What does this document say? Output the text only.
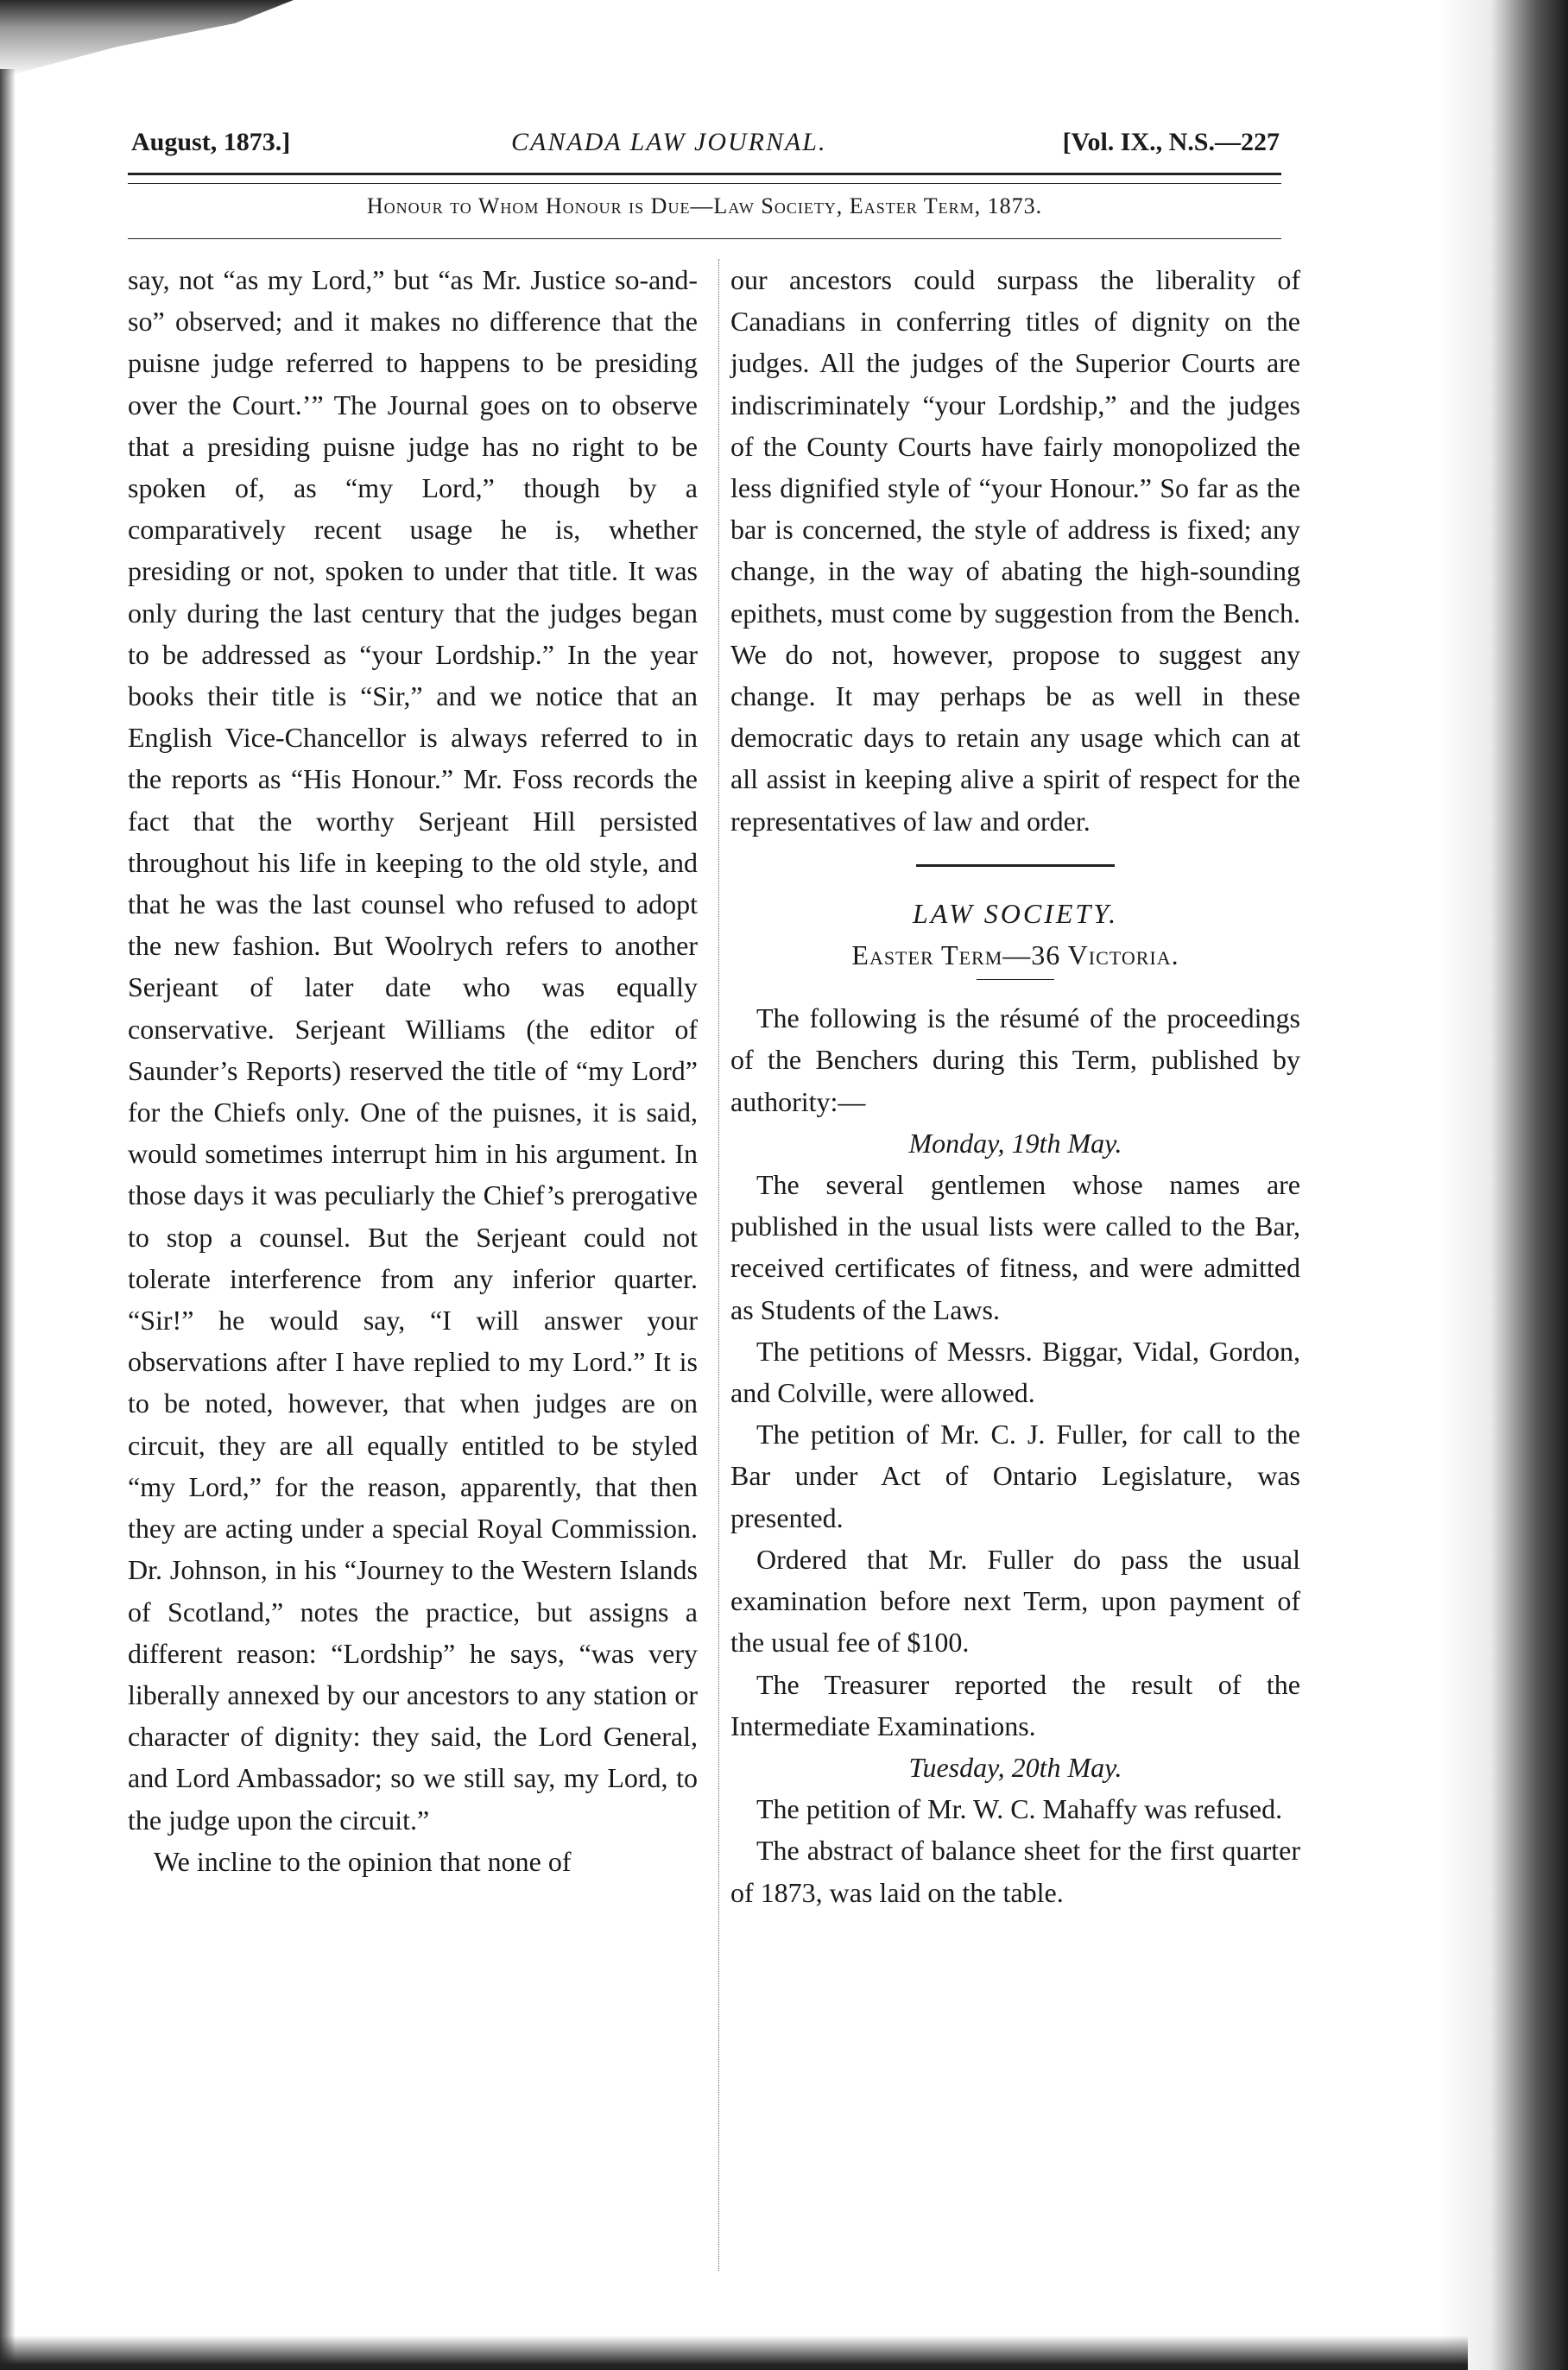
August, 1873.]	CANADA LAW JOURNAL.	[Vol. IX., N.S.—227
Honour to Whom Honour is Due—Law Society, Easter Term, 1873.

say, not “as my Lord,” but “as Mr. Justice so-and-so” observed; and it makes no difference that the puisne judge referred to happens to be presiding over the Court.’” The Journal goes on to observe that a presiding puisne judge has no right to be spoken of, as “my Lord,” though by a comparatively recent usage he is, whether presiding or not, spoken to under that title. It was only during the last century that the judges began to be addressed as “your Lordship.” In the year books their title is “Sir,” and we notice that an English Vice-Chancellor is always referred to in the reports as “His Honour.” Mr. Foss records the fact that the worthy Serjeant Hill persisted throughout his life in keeping to the old style, and that he was the last counsel who refused to adopt the new fashion. But Woolrych refers to another Serjeant of later date who was equally conservative. Serjeant Williams (the editor of Saunder’s Reports) reserved the title of “my Lord” for the Chiefs only. One of the puisnes, it is said, would sometimes interrupt him in his argument. In those days it was peculiarly the Chief’s prerogative to stop a counsel. But the Serjeant could not tolerate interference from any inferior quarter. “Sir!” he would say, “I will answer your observations after I have replied to my Lord.” It is to be noted, however, that when judges are on circuit, they are all equally entitled to be styled “my Lord,” for the reason, apparently, that then they are acting under a special Royal Commission. Dr. Johnson, in his “Journey to the Western Islands of Scotland,” notes the practice, but assigns a different reason: “Lordship” he says, “was very liberally annexed by our ancestors to any station or character of dignity: they said, the Lord General, and Lord Ambassador; so we still say, my Lord, to the judge upon the circuit.”

We incline to the opinion that none of

our ancestors could surpass the liberality of Canadians in conferring titles of dignity on the judges. All the judges of the Superior Courts are indiscriminately “your Lordship,” and the judges of the County Courts have fairly monopolized the less dignified style of “your Honour.” So far as the bar is concerned, the style of address is fixed; any change, in the way of abating the high-sounding epithets, must come by suggestion from the Bench. We do not, however, propose to suggest any change. It may perhaps be as well in these democratic days to retain any usage which can at all assist in keeping alive a spirit of respect for the representatives of law and order.

LAW SOCIETY.

Easter Term—36 Victoria.

The following is the résumé of the proceedings of the Benchers during this Term, published by authority:—

Monday, 19th May.

The several gentlemen whose names are published in the usual lists were called to the Bar, received certificates of fitness, and were admitted as Students of the Laws.

The petitions of Messrs. Biggar, Vidal, Gordon, and Colville, were allowed.

The petition of Mr. C. J. Fuller, for call to the Bar under Act of Ontario Legislature, was presented.

Ordered that Mr. Fuller do pass the usual examination before next Term, upon payment of the usual fee of $100.

The Treasurer reported the result of the Intermediate Examinations.

Tuesday, 20th May.

The petition of Mr. W. C. Mahaffy was refused.

The abstract of balance sheet for the first quarter of 1873, was laid on the table.
